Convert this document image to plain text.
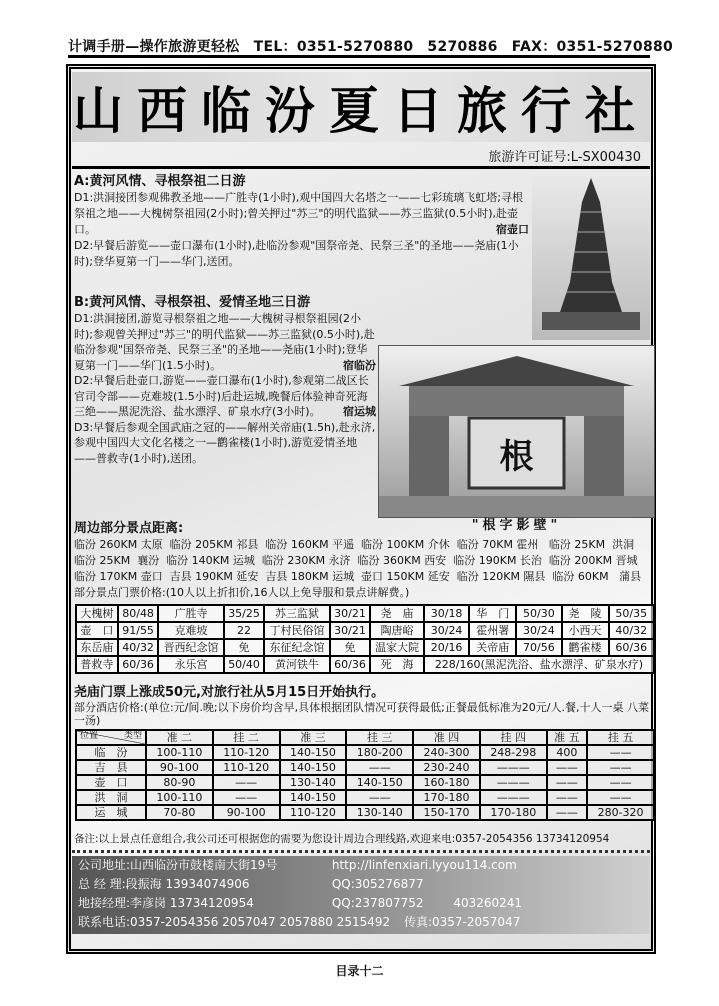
计调手册—操作旅游更轻松 TEL：0351-5270880 5270886 FAX：0351-5270880
山西临汾夏日旅行社
旅游许可证号:L-SX00430
A:黄河风情、寻根祭祖二日游
D1:洪洞接团参观佛教圣地——广胜寺(1小时),观中国四大名塔之一——七彩琉璃飞虹塔;寻根祭祖之地——大槐树祭祖园(2小时);曾关押过"苏三"的明代监狱——苏三监狱(0.5小时),赴壶口。	宿壶口
D2:早餐后游览——壶口瀑布(1小时),赴临汾参观"国祭帝尧、民祭三圣"的圣地——尧庙(1小时);登华夏第一门——华门,送团。
B:黄河风情、寻根祭祖、爱情圣地三日游
D1:洪洞接团,游览寻根祭祖之地——大槐树寻根祭祖园(2小时);参观曾关押过"苏三"的明代监狱——苏三监狱(0.5小时),赴临汾参观"国祭帝尧、民祭三圣"的圣地——尧庙(1小时);登华夏第一门——华门(1.5小时)。	宿临汾
D2:早餐后赴壶口,游览——壶口瀑布(1小时),参观第二战区长官司令部——克难坡(1.5小时)后赴运城,晚餐后体验神奇死海三绝——黑泥洗浴、盐水漂浮、矿泉水疗(3小时)。 宿运城
D3:早餐后参观全国武庙之冠的——解州关帝庙(1.5h),赴永济,参观中国四大文化名楼之一—鹳雀楼(1小时),游览爱情圣地——普救寺(1小时),送团。	根
"根字影壁"
周边部分景点距离:
临汾 260KM 太原  临汾 205KM 祁县  临汾 160KM 平遥  临汾 100KM 介休  临汾 70KM 霍州   临汾 25KM  洪洞
临汾 25KM  襄汾  临汾 140KM 运城  临汾 230KM 永济  临汾 360KM 西安  临汾 190KM 长治  临汾 200KM 晋城
临汾 170KM 壶口  吉县 190KM 延安  吉县 180KM 运城  壶口 150KM 延安  临汾 120KM 隰县  临汾 60KM   蒲县
部分景点门票价格:(10人以上折扣价,16人以上免导服和景点讲解费。)
大槐树	80/48	广胜寺	35/25	苏三监狱	30/21	尧　庙	30/18	华　门	50/30	尧　陵	50/35
壶　口	91/55	克难坡	22	丁村民俗馆	30/21	陶唐峪	30/24	霍州署	30/24	小西天	40/32
东岳庙	40/32	晋西纪念馆	免	东征纪念馆	免	温家大院	20/16	关帝庙	70/56	鹳雀楼	60/36
普救寺	60/36	永乐宫	50/40	黄河铁牛	60/36	死　海	228/160(黑泥洗浴、盐水漂浮、矿泉水疗)				
尧庙门票上涨成50元,对旅行社从5月15日开始执行。
部分酒店价格:(单位:元/间.晚;以下房价均含早,具体根据团队情况可获得最低;正餐最低标准为20元/人.餐,十人一桌 八菜一汤)
位置 类型	准 二	挂 二	准 三	挂 三	准 四	挂 四	准 五	挂 五
临　汾	100-110	110-120	140-150	180-200	240-300	248-298	400	——
吉　县	90-100	110-120	140-150	——	230-240	———	——	——
壶　口	80-90	——	130-140	140-150	160-180	———	——	——
洪　洞	100-110	——	140-150	——	170-180	———	——	——
运　城	70-80	90-100	110-120	130-140	150-170	170-180	——	280-320
备注:以上景点任意组合,我公司还可根据您的需要为您设计周边合理线路,欢迎来电:0357-2054356 13734120954
公司地址:山西临汾市鼓楼南大街19号	http://linfenxiari.lyyou114.com
总 经 理:段振海 13934074906	QQ:305276877
地接经理:李彦岗 13734120954	QQ:237807752 403260241
联系电话:0357-2054356 2057047 2057880 2515492 传真:0357-2057047
目录十二
